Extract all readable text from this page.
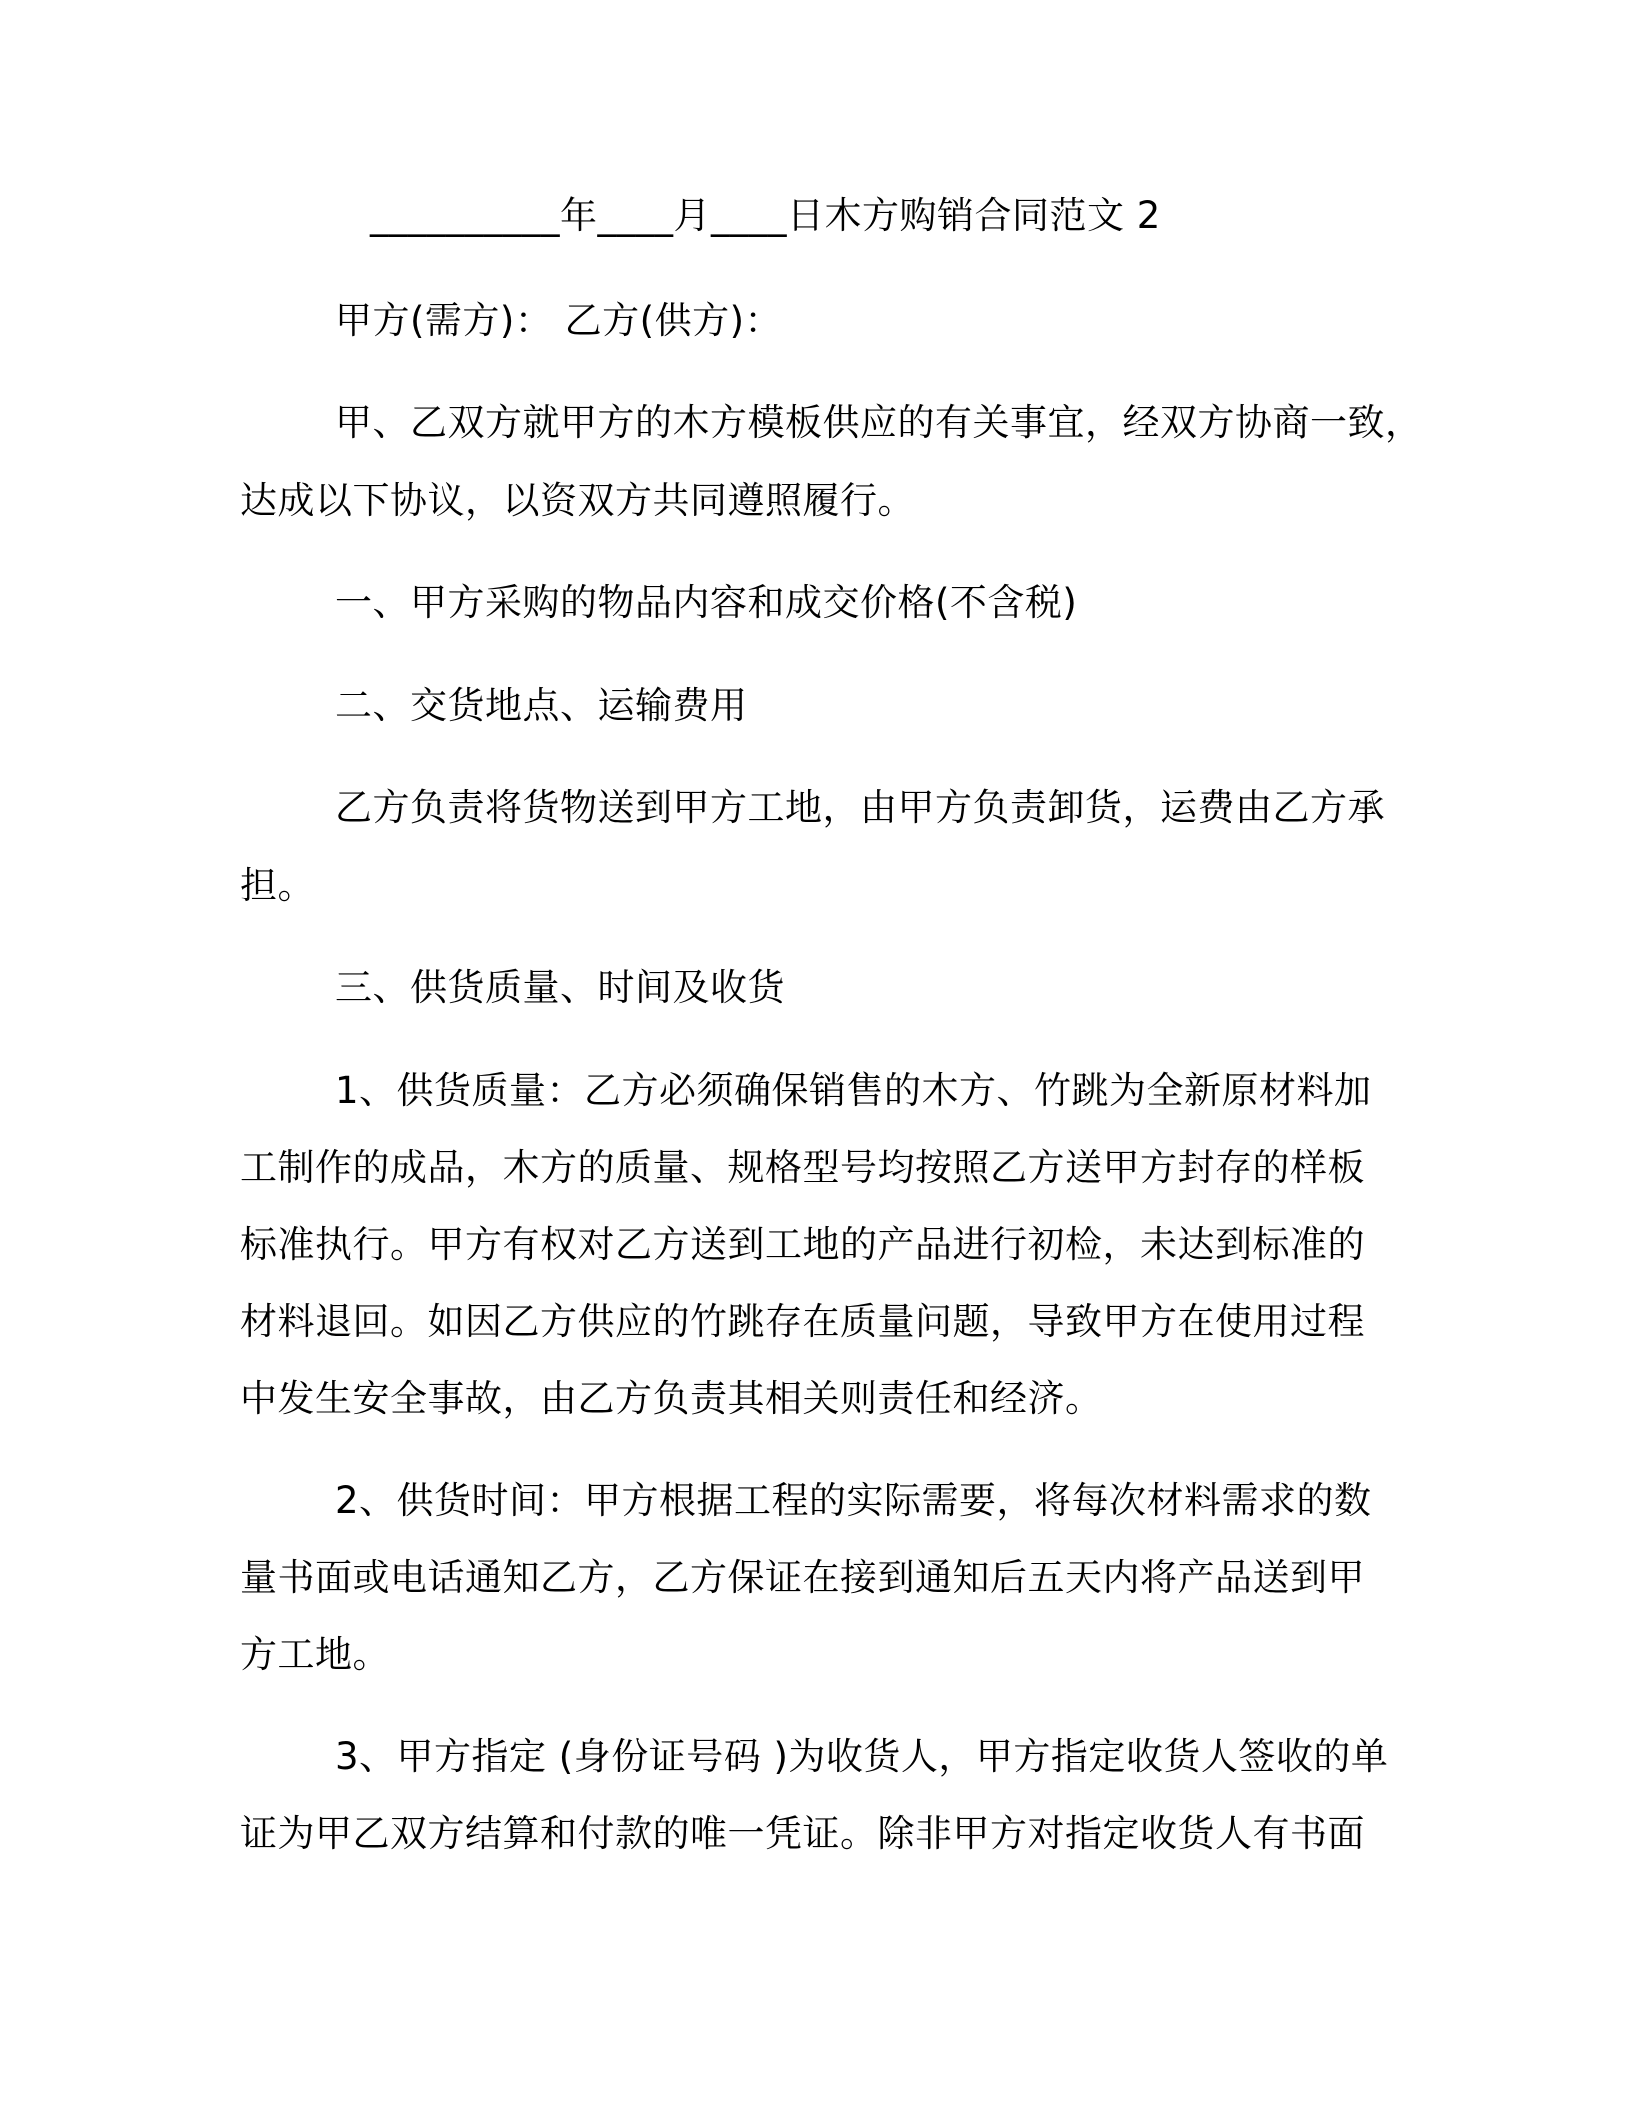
__________年____月____日木方购销合同范文 2
甲方(需方)： 乙方(供方)：
甲、乙双方就甲方的木方模板供应的有关事宜，经双方协商一致，
达成以下协议，以资双方共同遵照履行。
一、甲方采购的物品内容和成交价格(不含税)
二、交货地点、运输费用
乙方负责将货物送到甲方工地，由甲方负责卸货，运费由乙方承
担。
三、供货质量、时间及收货
1、供货质量：乙方必须确保销售的木方、竹跳为全新原材料加
工制作的成品，木方的质量、规格型号均按照乙方送甲方封存的样板
标准执行。甲方有权对乙方送到工地的产品进行初检，未达到标准的
材料退回。如因乙方供应的竹跳存在质量问题，导致甲方在使用过程
中发生安全事故，由乙方负责其相关则责任和经济。
2、供货时间：甲方根据工程的实际需要，将每次材料需求的数
量书面或电话通知乙方，乙方保证在接到通知后五天内将产品送到甲
方工地。
3、甲方指定 (身份证号码 )为收货人，甲方指定收货人签收的单
证为甲乙双方结算和付款的唯一凭证。除非甲方对指定收货人有书面
